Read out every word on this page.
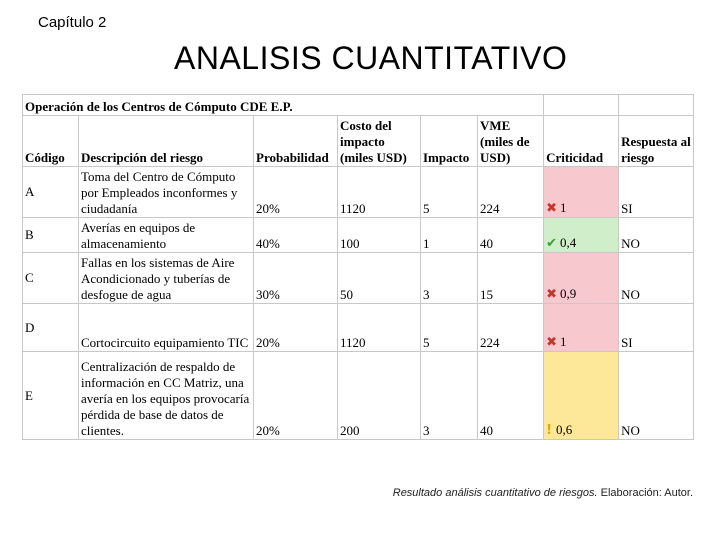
Capítulo 2
ANALISIS CUANTITATIVO
Operación de los Centros de Cómputo CDE E.P.							
Código	Descripción del riesgo	Probabilidad	Costo del impacto (miles USD)	Impacto	VME (miles de USD)	Criticidad	Respuesta al riesgo
A	Toma del Centro de Cómputo por Empleados inconformes y ciudadanía	20%	1120	5	224	✖ 1	SI
B	Averías en equipos de almacenamiento	40%	100	1	40	✔ 0,4	NO
C	Fallas en los sistemas de Aire Acondicionado y tuberías de desfogue de agua	30%	50	3	15	✖ 0,9	NO
D	Cortocircuito equipamiento TIC	20%	1120	5	224	✖ 1	SI
E	Centralización de respaldo de información en CC Matriz, una avería en los equipos provocaría pérdida de base de datos de clientes.	20%	200	3	40	! 0,6	NO
Resultado análisis cuantitativo de riesgos. Elaboración: Autor.
